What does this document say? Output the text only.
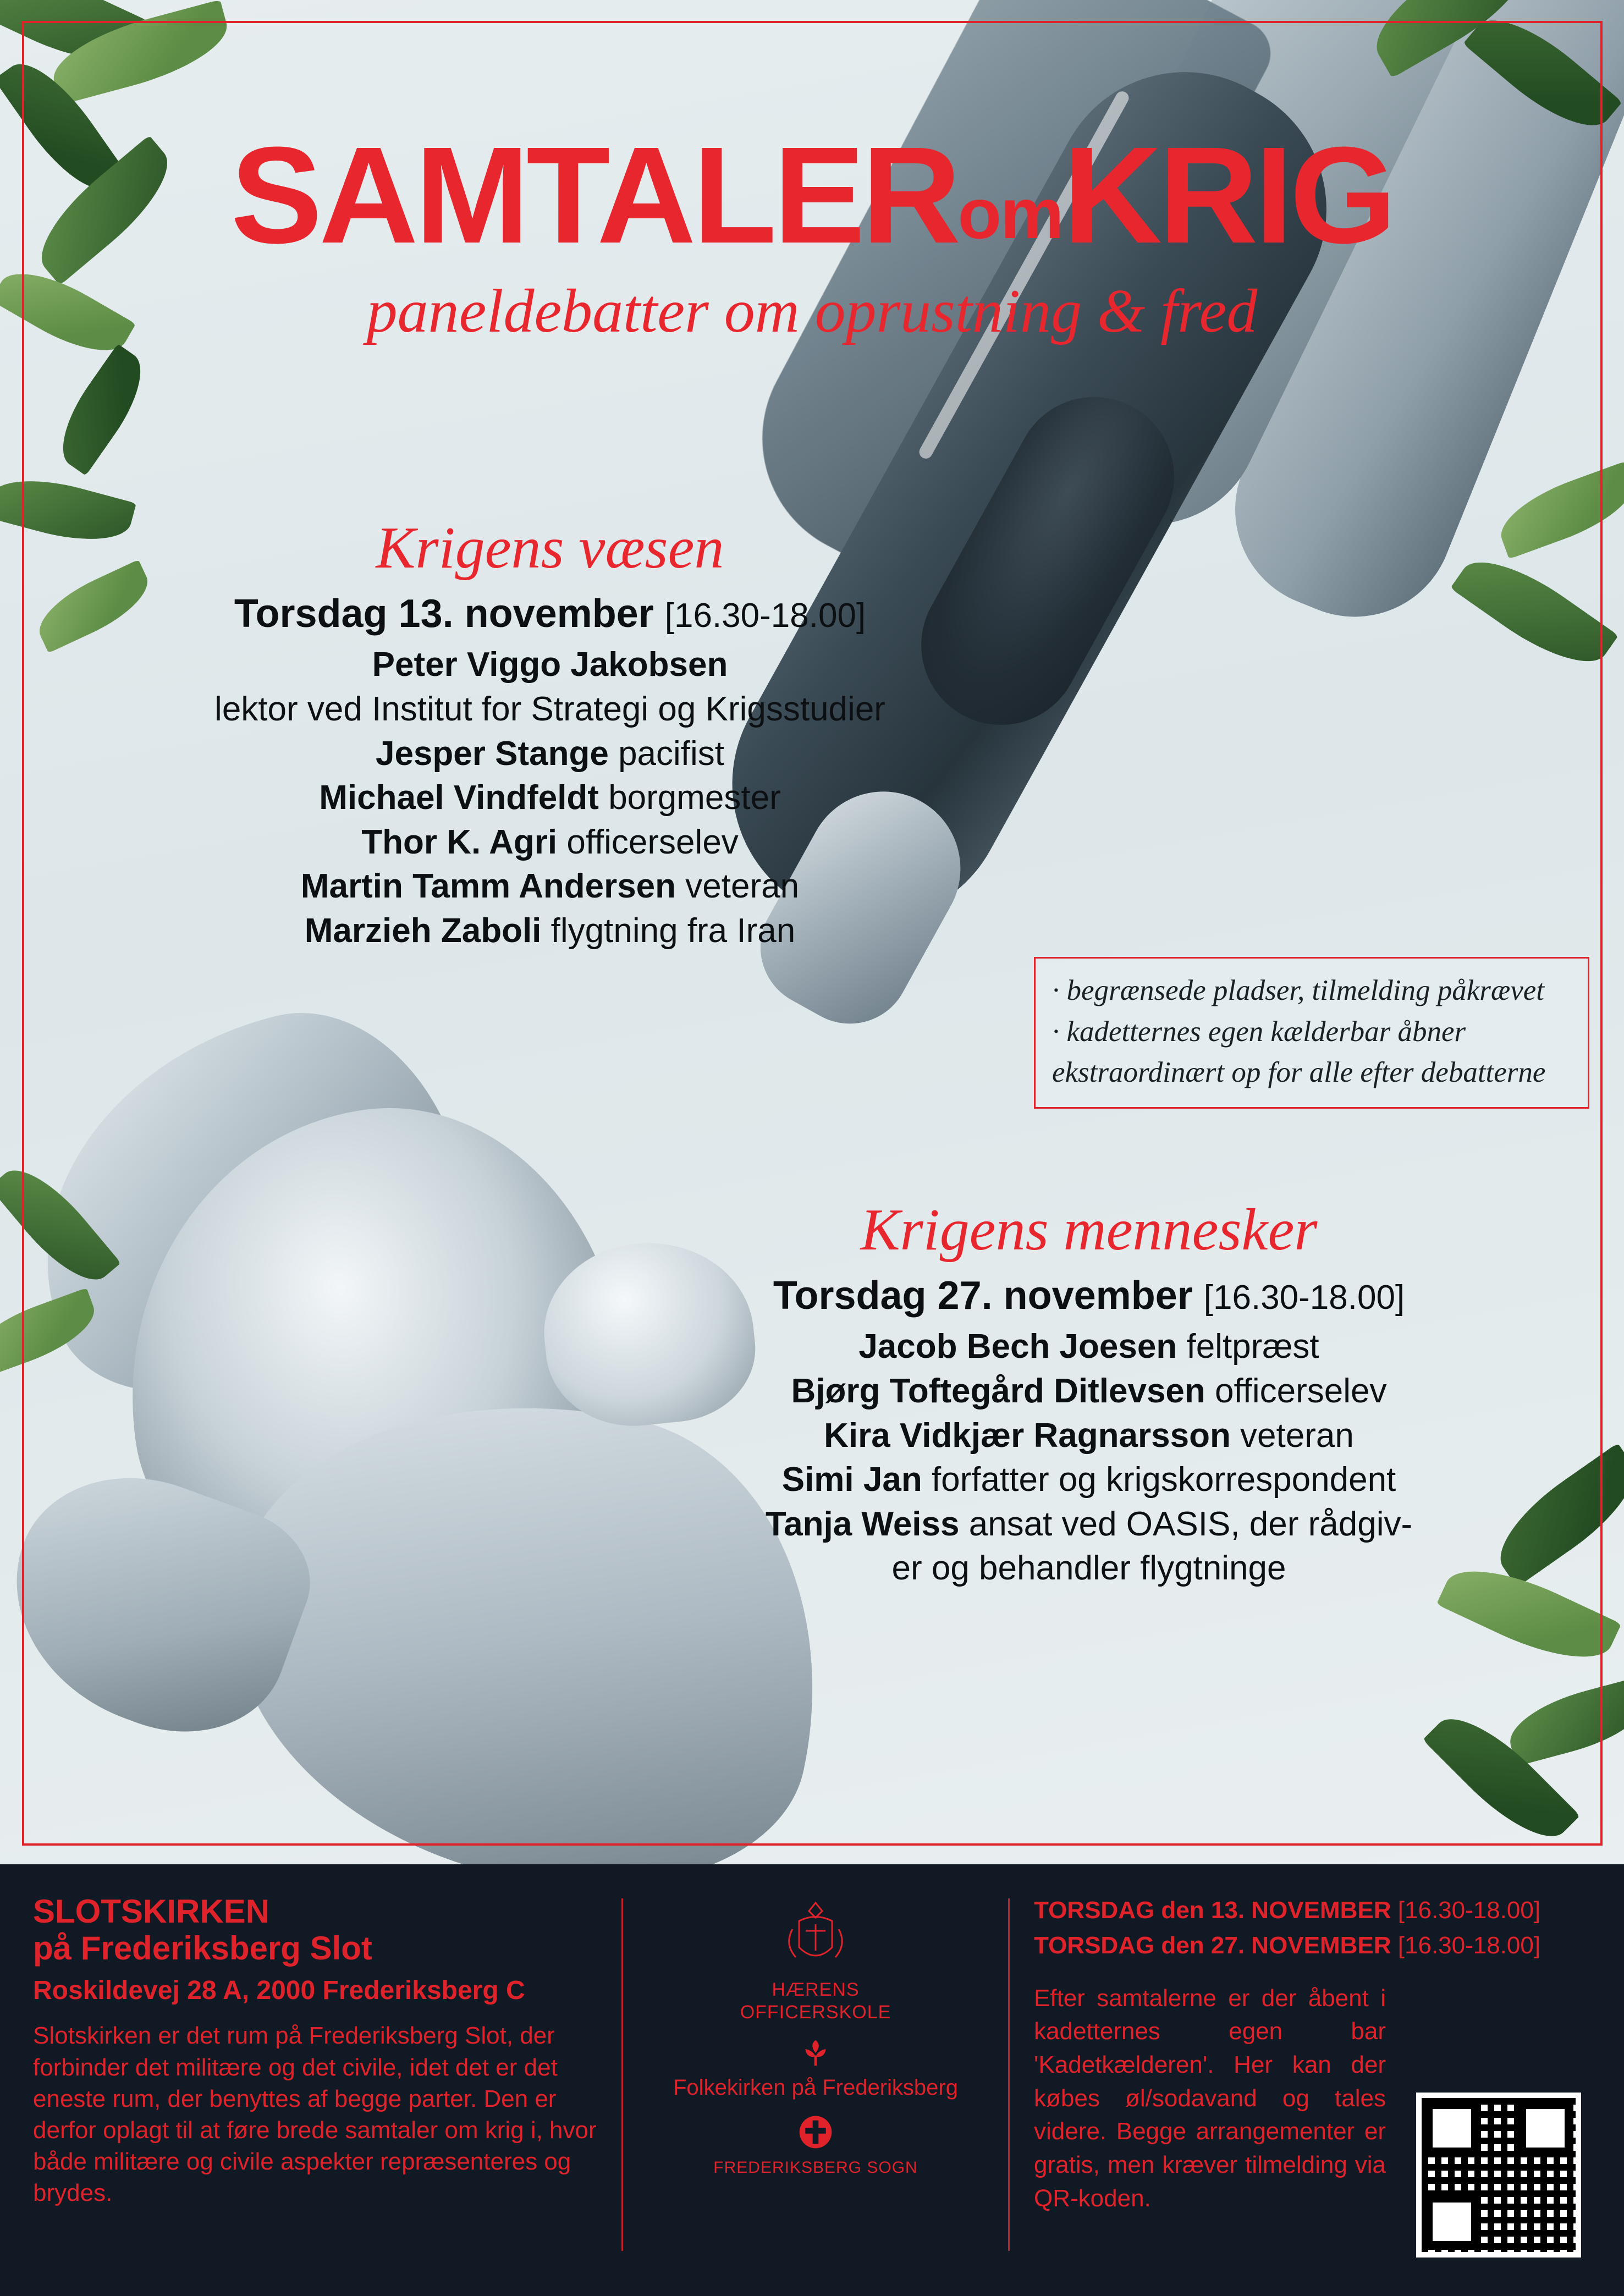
SAMTALERomKRIG
paneldebatter om oprustning & fred
Krigens væsen
Torsdag 13. november [16.30-18.00]
Peter Viggo Jakobsen
lektor ved Institut for Strategi og Krigsstudier
Jesper Stange pacifist
Michael Vindfeldt borgmester
Thor K. Agri officerselev
Martin Tamm Andersen veteran
Marzieh Zaboli flygtning fra Iran

· begrænsede pladser, tilmelding påkrævet

· kadetternes egen kælderbar åbner

ekstraordinært op for alle efter debatterne

Krigens mennesker
Torsdag 27. november [16.30-18.00]
Jacob Bech Joesen feltpræst
Bjørg Toftegård Ditlevsen officerselev
Kira Vidkjær Ragnarsson veteran
Simi Jan forfatter og krigskorrespondent
Tanja Weiss ansat ved OASIS, der rådgiv-
er og behandler flygtninge
SLOTSKIRKEN
på Frederiksberg Slot
Roskildevej 28 A, 2000 Frederiksberg C
Slotskirken er det rum på Frederiksberg Slot, der forbinder det militære og det civile, idet det er det eneste rum, der benyttes af begge parter. Den er derfor oplagt til at føre brede samtaler om krig i, hvor både militære og civile aspekter repræsenteres og brydes.
HÆRENS
OFFICERSKOLE
Folkekirken på Frederiksberg
FREDERIKSBERG SOGN
TORSDAG den 13. NOVEMBER [16.30-18.00]
TORSDAG den 27. NOVEMBER [16.30-18.00]
Efter samtalerne er der åbent i kadetternes egen bar 'Kadetkælderen'. Her kan der købes øl/sodavand og tales videre. Begge arrangementer er gratis, men kræver tilmelding via QR-koden.
